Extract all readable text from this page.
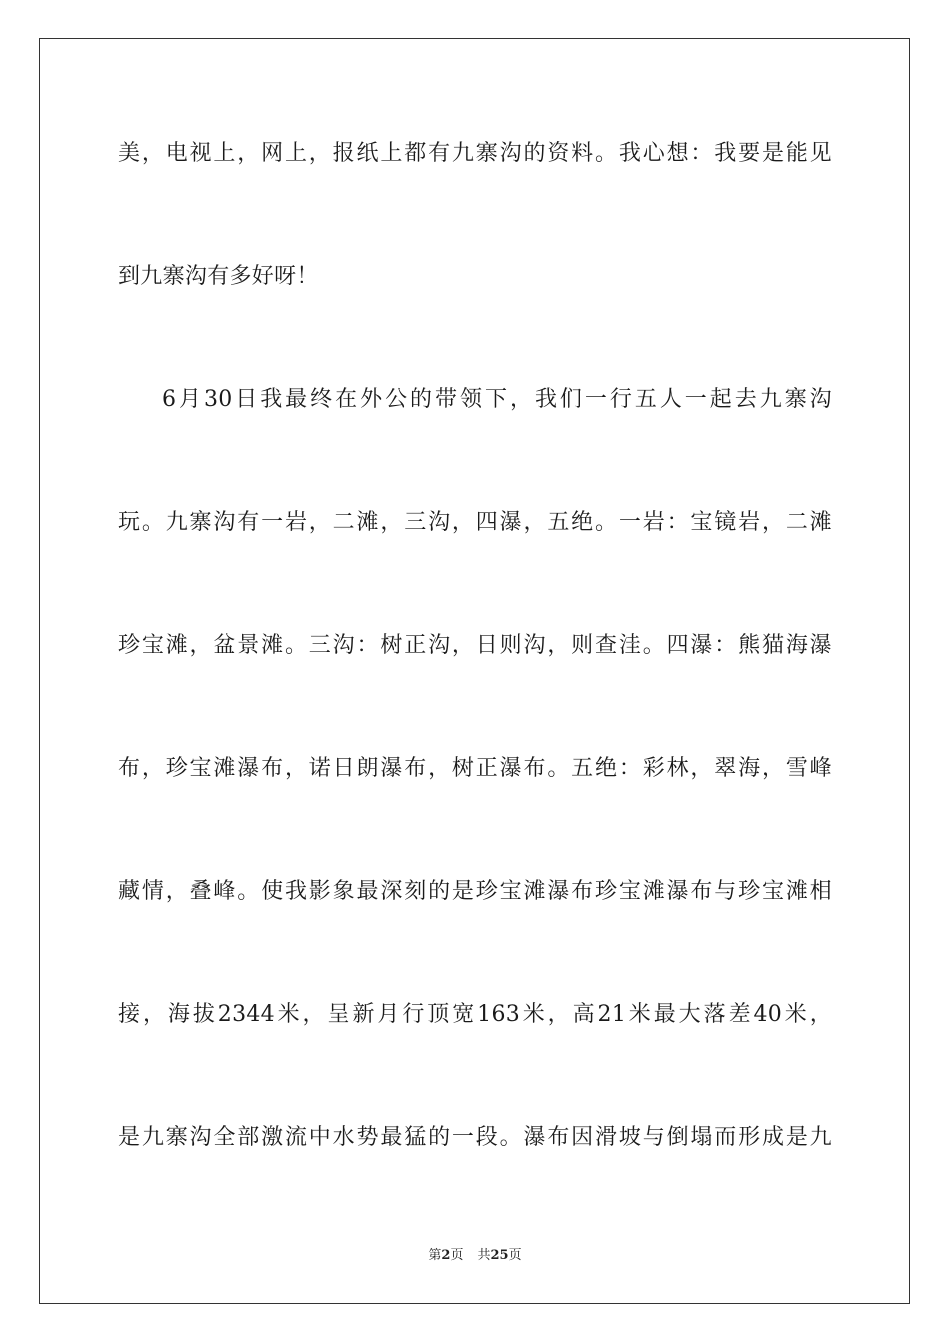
美，电视上，网上，报纸上都有九寨沟的资料。我心想：我要是能见
到九寨沟有多好呀！
6月30日我最终在外公的带领下，我们一行五人一起去九寨沟
玩。九寨沟有一岩，二滩，三沟，四瀑，五绝。一岩：宝镜岩，二滩
珍宝滩，盆景滩。三沟：树正沟，日则沟，则查洼。四瀑：熊猫海瀑
布，珍宝滩瀑布，诺日朗瀑布，树正瀑布。五绝：彩林，翠海，雪峰
藏情，叠峰。使我影象最深刻的是珍宝滩瀑布珍宝滩瀑布与珍宝滩相
接，海拔2344米，呈新月行顶宽163米，高21米最大落差40米，
是九寨沟全部激流中水势最猛的一段。瀑布因滑坡与倒塌而形成是九
第2页 共25页
